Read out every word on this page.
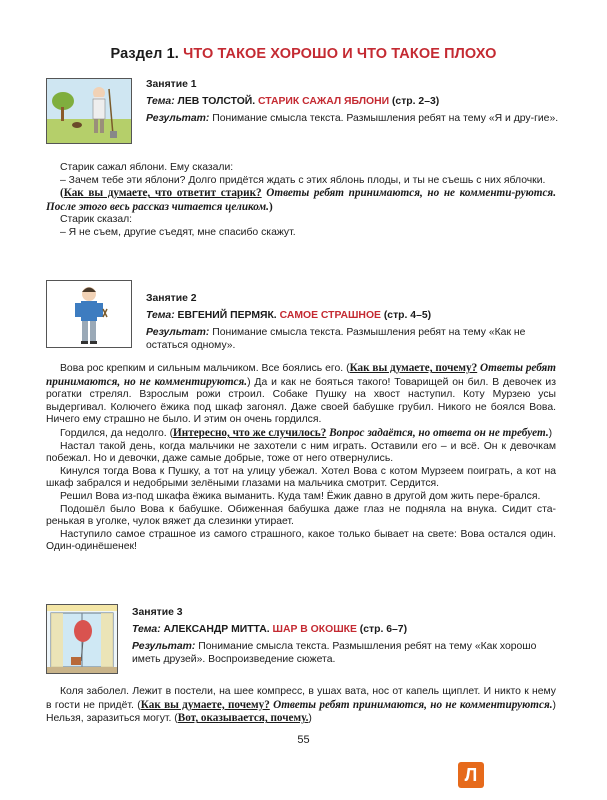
Раздел 1. ЧТО ТАКОЕ ХОРОШО И ЧТО ТАКОЕ ПЛОХО
Занятие 1
Тема: ЛЕВ ТОЛСТОЙ. СТАРИК САЖАЛ ЯБЛОНИ (стр. 2–3)
Результат: Понимание смысла текста. Размышления ребят на тему «Я и дру-гие».

Старик сажал яблони. Ему сказали:

– Зачем тебе эти яблони? Долго придётся ждать с этих яблонь плоды, и ты не съешь с них яблочки.

(Как вы думаете, что ответит старик? Ответы ребят принимаются, но не комменти-руются. После этого весь рассказ читается целиком.)

Старик сказал:

– Я не съем, другие съедят, мне спасибо скажут.

Занятие 2
Тема: ЕВГЕНИЙ ПЕРМЯК. САМОЕ СТРАШНОЕ (стр. 4–5)
Результат: Понимание смысла текста. Размышления ребят на тему «Как не остаться одному».

Вова рос крепким и сильным мальчиком. Все боялись его. (Как вы думаете, почему? Ответы ребят принимаются, но не комментируются.) Да и как не бояться такого! Товарищей он бил. В девочек из рогатки стрелял. Взрослым рожи строил. Собаке Пушку на хвост наступил. Коту Мурзею усы выдергивал. Колючего ёжика под шкаф загонял. Даже своей бабушке грубил. Никого не боялся Вова. Ничего ему страшно не было. И этим он очень гордился.

Гордился, да недолго. (Интересно, что же случилось? Вопрос задаётся, но ответа он не требует.)

Настал такой день, когда мальчики не захотели с ним играть. Оставили его – и всё. Он к девочкам побежал. Но и девочки, даже самые добрые, тоже от него отвернулись.

Кинулся тогда Вова к Пушку, а тот на улицу убежал. Хотел Вова с котом Мурзеем поиграть, а кот на шкаф забрался и недобрыми зелёными глазами на мальчика смотрит. Сердится.

Решил Вова из-под шкафа ёжика выманить. Куда там! Ёжик давно в другой дом жить пере-брался.

Подошёл было Вова к бабушке. Обиженная бабушка даже глаз не подняла на внука. Сидит ста-ренькая в уголке, чулок вяжет да слезинки утирает.

Наступило самое страшное из самого страшного, какое только бывает на свете: Вова остался один. Один-одинёшенек!

Занятие 3
Тема: АЛЕКСАНДР МИТТА. ШАР В ОКОШКЕ (стр. 6–7)
Результат: Понимание смысла текста. Размышления ребят на тему «Как хорошо иметь друзей». Воспроизведение сюжета.

Коля заболел. Лежит в постели, на шее компресс, в ушах вата, нос от капель щиплет. И никто к нему в гости не придёт. (Как вы думаете, почему? Ответы ребят принимаются, но не комментируются.) Нельзя, заразиться могут. (Вот, оказывается, почему.)

55
Л
